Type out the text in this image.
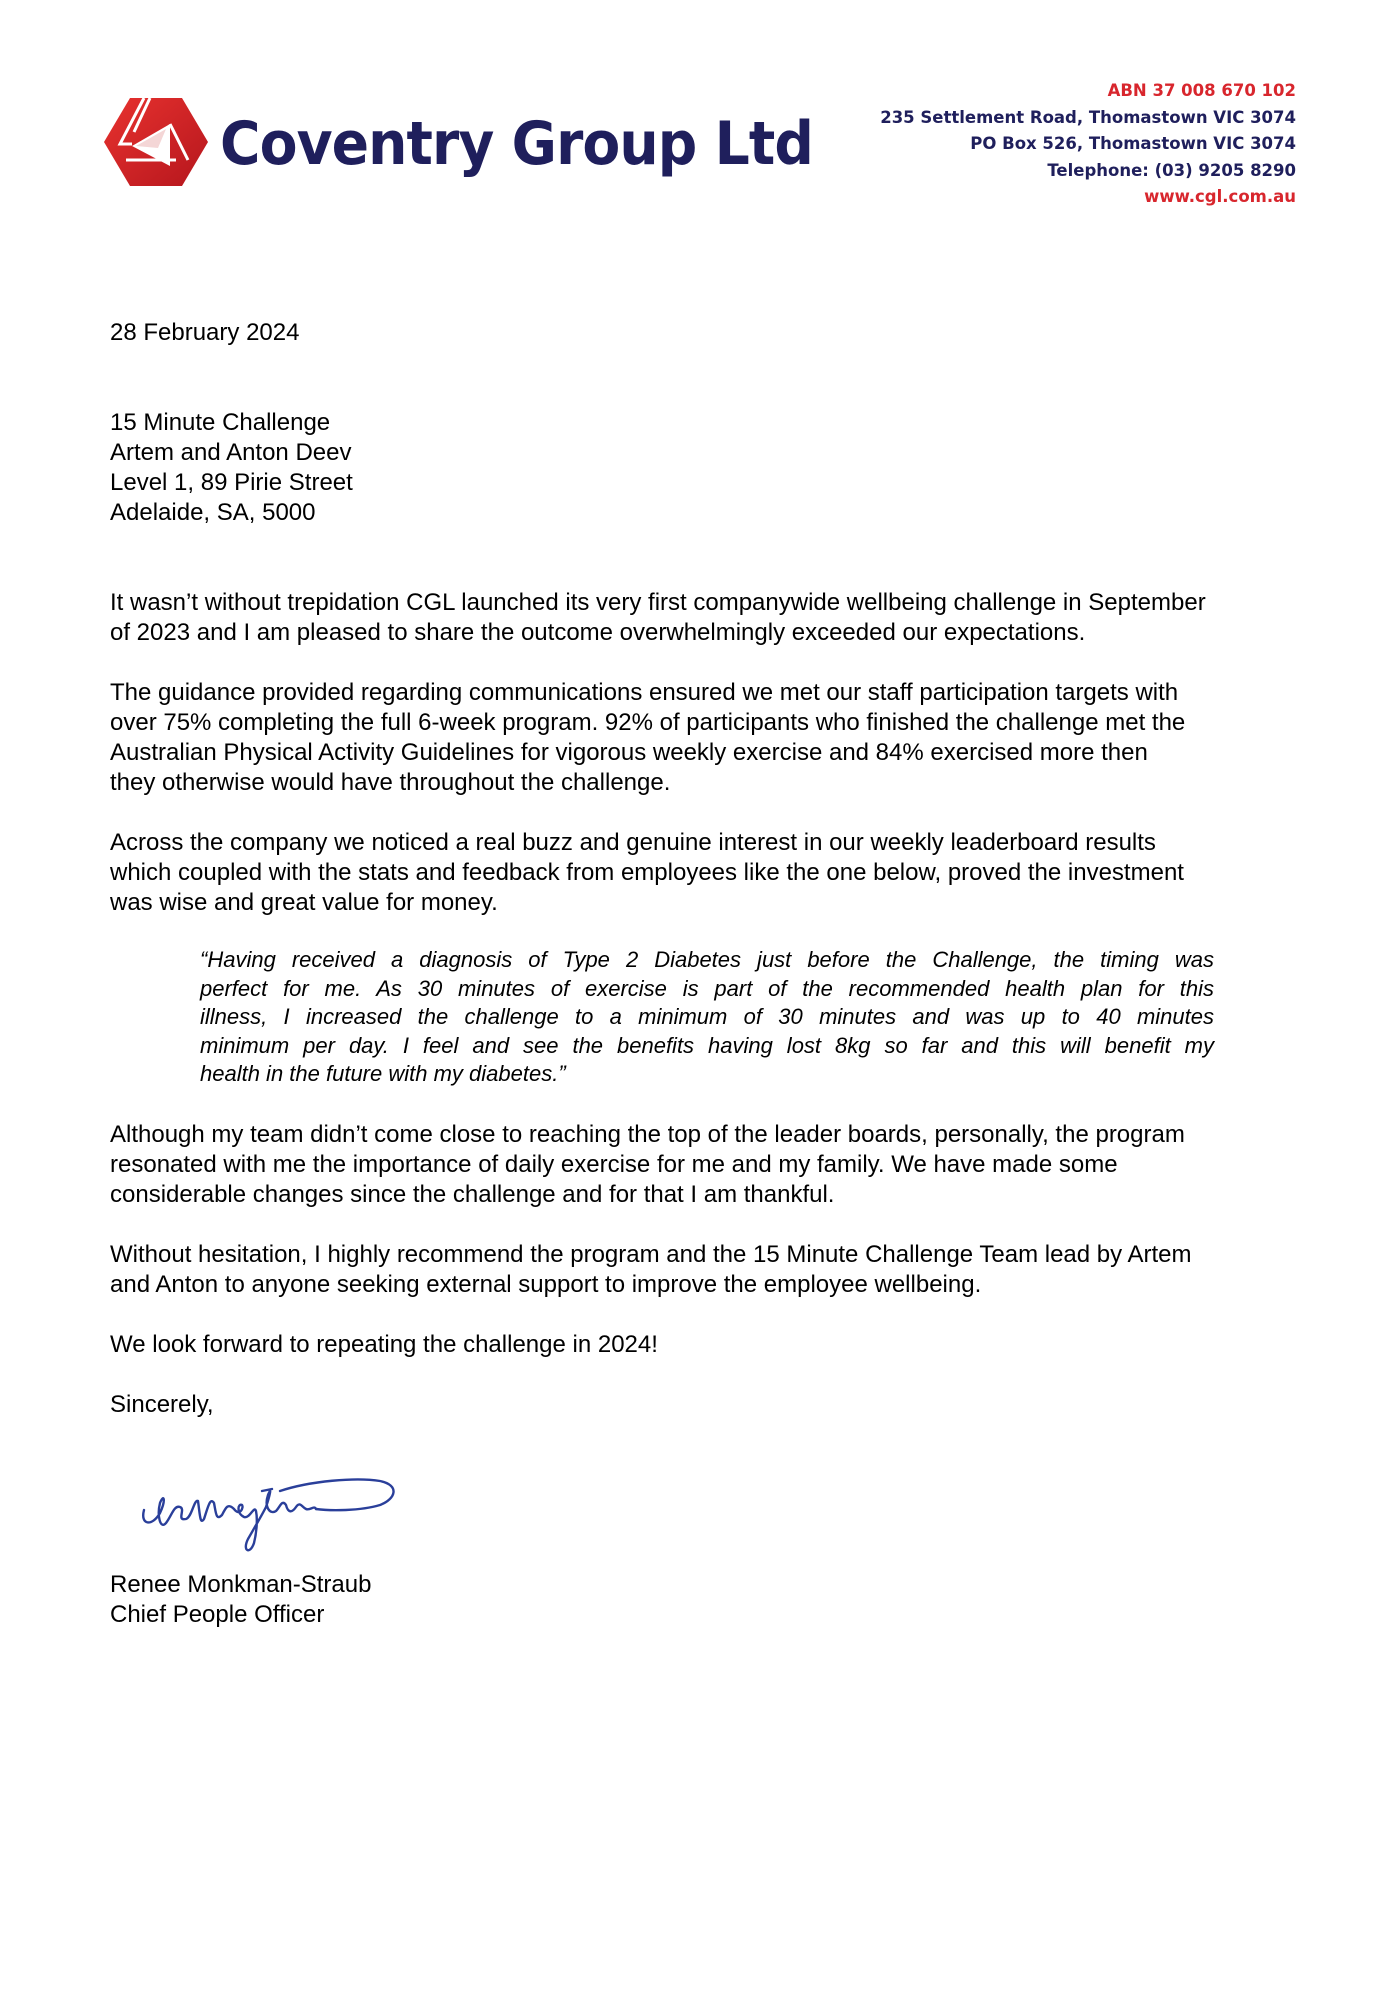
Coventry Group Ltd
ABN 37 008 670 102
235 Settlement Road, Thomastown VIC 3074
PO Box 526, Thomastown VIC 3074
Telephone: (03) 9205 8290
www.cgl.com.au
28 February 2024
15 Minute Challenge
Artem and Anton Deev
Level 1, 89 Pirie Street
Adelaide, SA, 5000
It wasn’t without trepidation CGL launched its very first companywide wellbeing challenge in September
of 2023 and I am pleased to share the outcome overwhelmingly exceeded our expectations.
The guidance provided regarding communications ensured we met our staff participation targets with
over 75% completing the full 6-week program. 92% of participants who finished the challenge met the
Australian Physical Activity Guidelines for vigorous weekly exercise and 84% exercised more then
they otherwise would have throughout the challenge.
Across the company we noticed a real buzz and genuine interest in our weekly leaderboard results
which coupled with the stats and feedback from employees like the one below, proved the investment
was wise and great value for money.
“Having received a diagnosis of Type 2 Diabetes just before the Challenge, the timing was
perfect for me. As 30 minutes of exercise is part of the recommended health plan for this
illness, I increased the challenge to a minimum of 30 minutes and was up to 40 minutes
minimum per day. I feel and see the benefits having lost 8kg so far and this will benefit my
health in the future with my diabetes.”
Although my team didn’t come close to reaching the top of the leader boards, personally, the program
resonated with me the importance of daily exercise for me and my family. We have made some
considerable changes since the challenge and for that I am thankful.
Without hesitation, I highly recommend the program and the 15 Minute Challenge Team lead by Artem
and Anton to anyone seeking external support to improve the employee wellbeing.
We look forward to repeating the challenge in 2024!
Sincerely,
Renee Monkman-Straub
Chief People Officer
